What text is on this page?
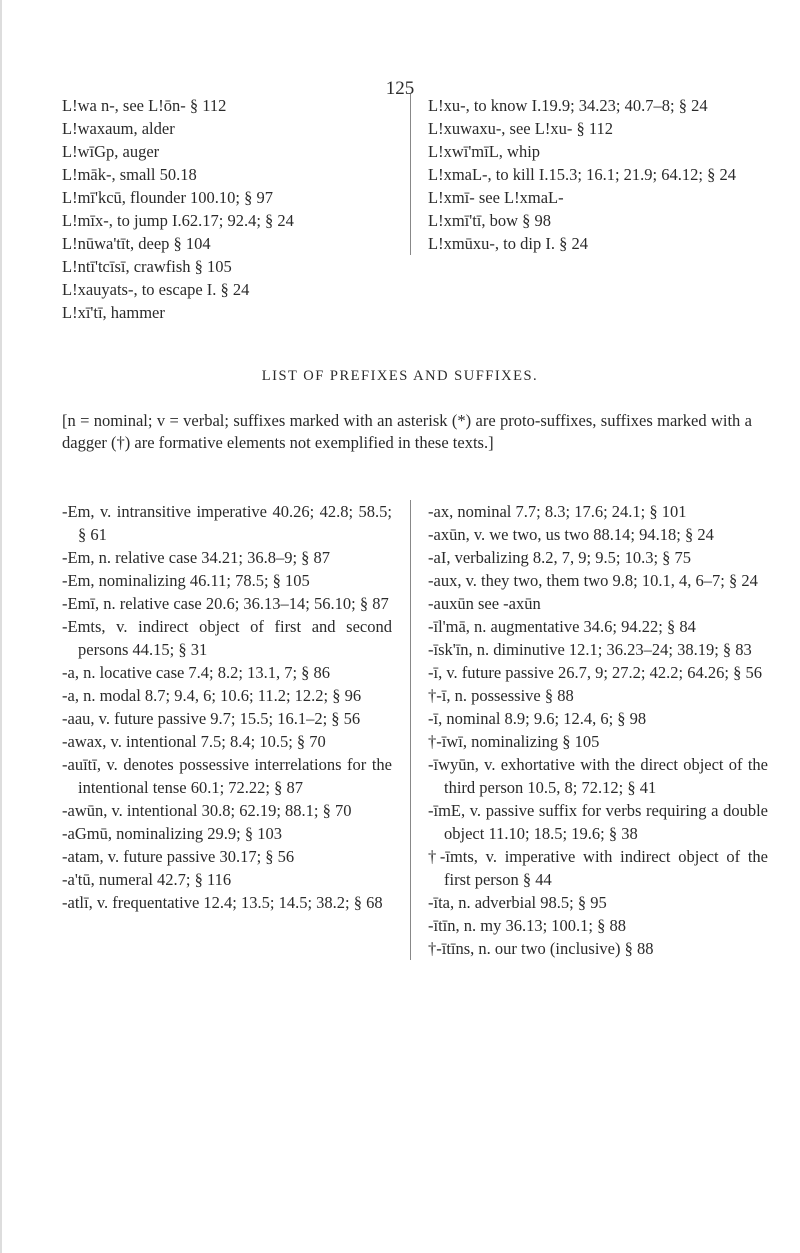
125

L!wa n-, see L!ōn- § 112

L!waxaum, alder

L!wīGp, auger

L!māk-, small 50.18

L!mī'kcū, flounder 100.10; § 97

L!mīx-, to jump I.62.17; 92.4; § 24

L!nūwa'tīt, deep § 104

L!ntī'tcīsī, crawfish § 105

L!xauyats-, to escape I. § 24

L!xī'tī, hammer

L!xu-, to know I.19.9; 34.23; 40.7–8; § 24

L!xuwaxu-, see L!xu- § 112

L!xwī'mīL, whip

L!xmaL-, to kill I.15.3; 16.1; 21.9; 64.12; § 24

L!xmī- see L!xmaL-

L!xmī'tī, bow § 98

L!xmūxu-, to dip I. § 24

LIST OF PREFIXES AND SUFFIXES.
[n = nominal; v = verbal; suffixes marked with an asterisk (*) are proto-suffixes, suffixes marked with a dagger (†) are formative elements not exemplified in these texts.]

-Em, v. intransitive imperative 40.26; 42.8; 58.5; § 61

-Em, n. relative case 34.21; 36.8–9; § 87

-Em, nominalizing 46.11; 78.5; § 105

-Emī, n. relative case 20.6; 36.13–14; 56.10; § 87

-Emts, v. indirect object of first and second persons 44.15; § 31

-a, n. locative case 7.4; 8.2; 13.1, 7; § 86

-a, n. modal 8.7; 9.4, 6; 10.6; 11.2; 12.2; § 96

-aau, v. future passive 9.7; 15.5; 16.1–2; § 56

-awax, v. intentional 7.5; 8.4; 10.5; § 70

-auītī, v. denotes possessive interrelations for the intentional tense 60.1; 72.22; § 87

-awūn, v. intentional 30.8; 62.19; 88.1; § 70

-aGmū, nominalizing 29.9; § 103

-atam, v. future passive 30.17; § 56

-a'tū, numeral 42.7; § 116

-atlī, v. frequentative 12.4; 13.5; 14.5; 38.2; § 68

-ax, nominal 7.7; 8.3; 17.6; 24.1; § 101

-axūn, v. we two, us two 88.14; 94.18; § 24

-aI, verbalizing 8.2, 7, 9; 9.5; 10.3; § 75

-aux, v. they two, them two 9.8; 10.1, 4, 6–7; § 24

-auxūn see -axūn

-īl'mā, n. augmentative 34.6; 94.22; § 84

-īsk'īn, n. diminutive 12.1; 36.23–24; 38.19; § 83

-ī, v. future passive 26.7, 9; 27.2; 42.2; 64.26; § 56

†-ī, n. possessive § 88

-ī, nominal 8.9; 9.6; 12.4, 6; § 98

†-īwī, nominalizing § 105

-īwyūn, v. exhortative with the direct object of the third person 10.5, 8; 72.12; § 41

-īmE, v. passive suffix for verbs requiring a double object 11.10; 18.5; 19.6; § 38

†-īmts, v. imperative with indirect object of the first person § 44

-īta, n. adverbial 98.5; § 95

-ītīn, n. my 36.13; 100.1; § 88

†-ītīns, n. our two (inclusive) § 88
